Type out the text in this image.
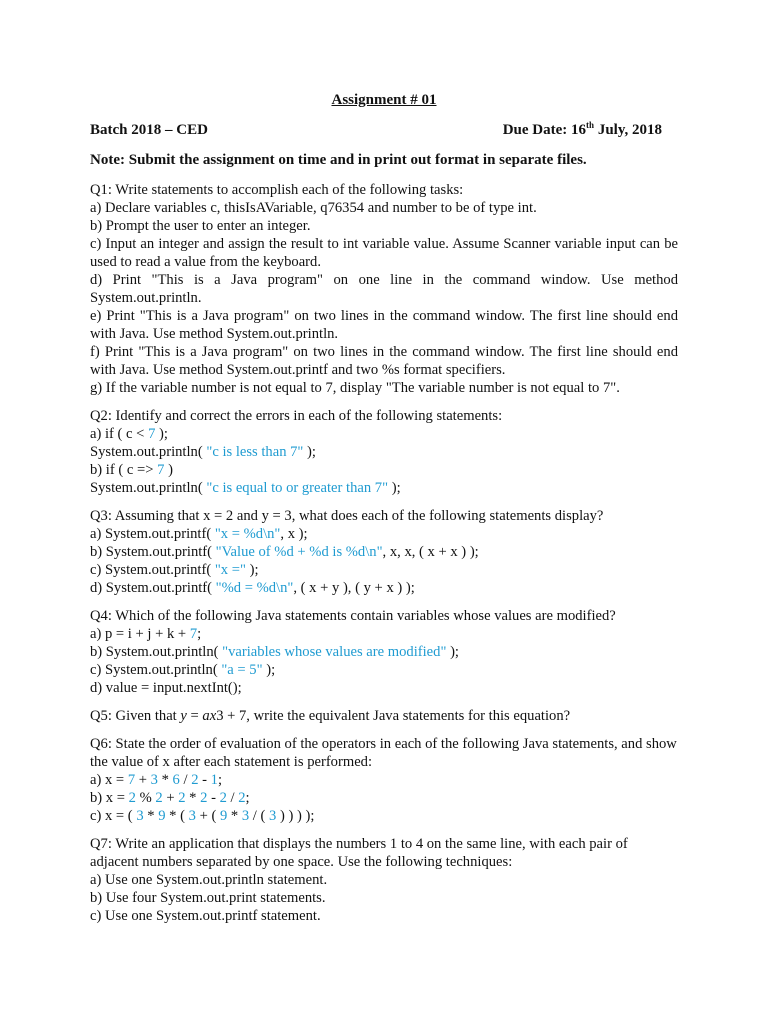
Assignment # 01
Batch 2018 – CED	Due Date: 16th July, 2018
Note: Submit the assignment on time and in print out format in separate files.

Q1: Write statements to accomplish each of the following tasks:

a) Declare variables c, thisIsAVariable, q76354 and number to be of type int.

b) Prompt the user to enter an integer.

c) Input an integer and assign the result to int variable value. Assume Scanner variable input can be used to read a value from the keyboard.

d) Print "This is a Java program" on one line in the command window. Use method System.out.println.

e) Print "This is a Java program" on two lines in the command window. The first line should end with Java. Use method System.out.println.

f) Print "This is a Java program" on two lines in the command window. The first line should end with Java. Use method System.out.printf and two %s format specifiers.

g) If the variable number is not equal to 7, display "The variable number is not equal to 7".

Q2: Identify and correct the errors in each of the following statements:

a) if ( c < 7 );

System.out.println( "c is less than 7" );

b) if ( c => 7 )

System.out.println( "c is equal to or greater than 7" );

Q3: Assuming that x = 2 and y = 3, what does each of the following statements display?

a) System.out.printf( "x = %d\n", x );

b) System.out.printf( "Value of %d + %d is %d\n", x, x, ( x + x ) );

c) System.out.printf( "x =" );

d) System.out.printf( "%d = %d\n", ( x + y ), ( y + x ) );

Q4: Which of the following Java statements contain variables whose values are modified?

a) p = i + j + k + 7;

b) System.out.println( "variables whose values are modified" );

c) System.out.println( "a = 5" );

d) value = input.nextInt();

Q5: Given that y = ax3 + 7, write the equivalent Java statements for this equation?

Q6: State the order of evaluation of the operators in each of the following Java statements, and show the value of x after each statement is performed:

a) x = 7 + 3 * 6 / 2 - 1;

b) x = 2 % 2 + 2 * 2 - 2 / 2;

c) x = ( 3 * 9 * ( 3 + ( 9 * 3 / ( 3 ) ) ) );

Q7: Write an application that displays the numbers 1 to 4 on the same line, with each pair of adjacent numbers separated by one space. Use the following techniques:

a) Use one System.out.println statement.

b) Use four System.out.print statements.

c) Use one System.out.printf statement.
